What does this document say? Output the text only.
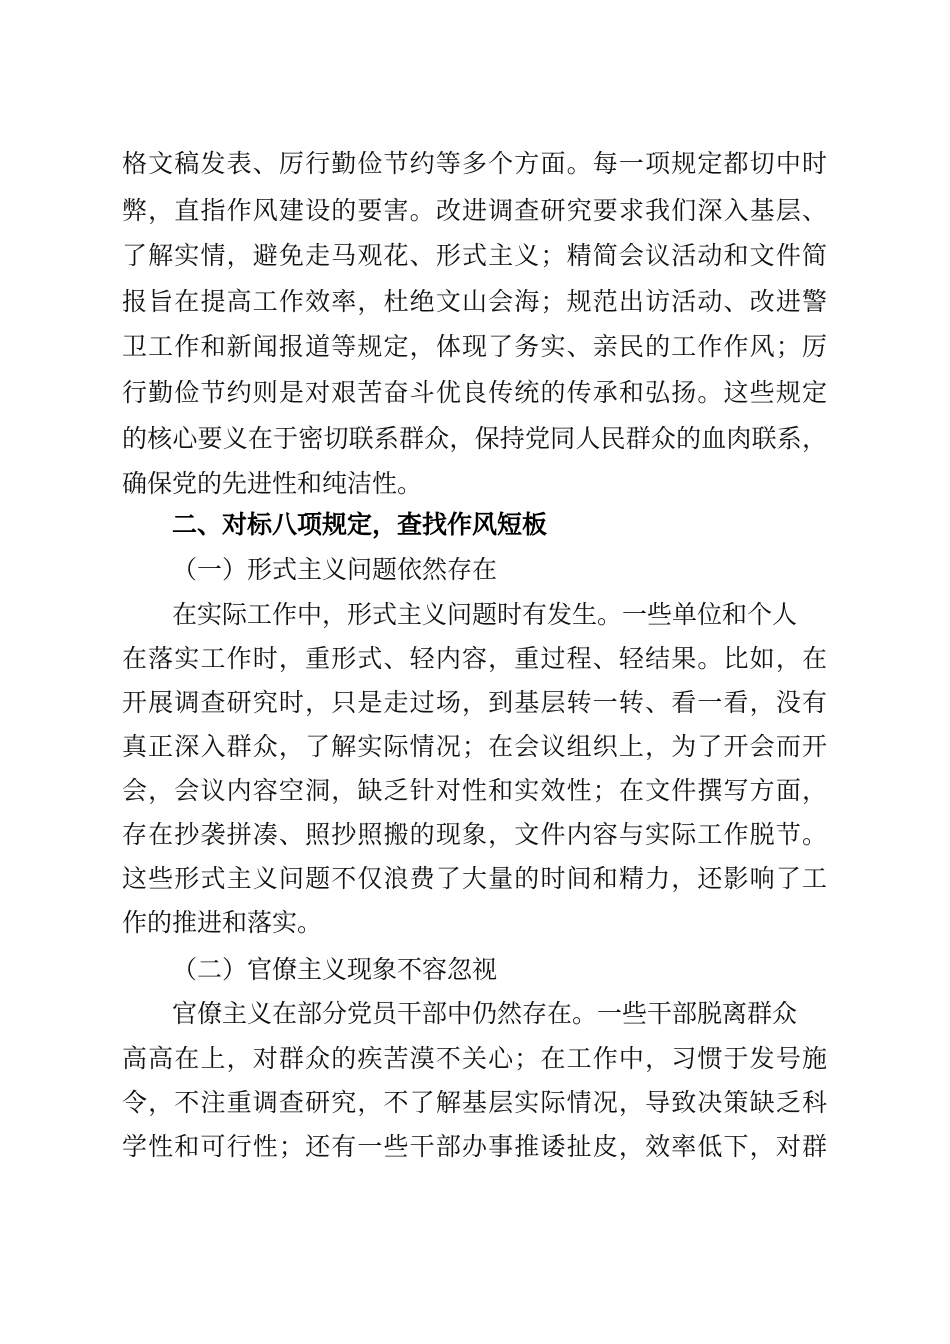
格文稿发表、厉行勤俭节约等多个方面。每一项规定都切中时
弊，直指作风建设的要害。改进调查研究要求我们深入基层、
了解实情，避免走马观花、形式主义；精简会议活动和文件简
报旨在提高工作效率，杜绝文山会海；规范出访活动、改进警
卫工作和新闻报道等规定，体现了务实、亲民的工作作风；厉
行勤俭节约则是对艰苦奋斗优良传统的传承和弘扬。这些规定
的核心要义在于密切联系群众，保持党同人民群众的血肉联系，
确保党的先进性和纯洁性。
二、对标八项规定，查找作风短板
（一）形式主义问题依然存在
在实际工作中，形式主义问题时有发生。一些单位和个人
在落实工作时，重形式、轻内容，重过程、轻结果。比如，在
开展调查研究时，只是走过场，到基层转一转、看一看，没有
真正深入群众，了解实际情况；在会议组织上，为了开会而开
会，会议内容空洞，缺乏针对性和实效性；在文件撰写方面，
存在抄袭拼凑、照抄照搬的现象，文件内容与实际工作脱节。
这些形式主义问题不仅浪费了大量的时间和精力，还影响了工
作的推进和落实。
（二）官僚主义现象不容忽视
官僚主义在部分党员干部中仍然存在。一些干部脱离群众
高高在上，对群众的疾苦漠不关心；在工作中，习惯于发号施
令，不注重调查研究，不了解基层实际情况，导致决策缺乏科
学性和可行性；还有一些干部办事推诿扯皮，效率低下，对群
